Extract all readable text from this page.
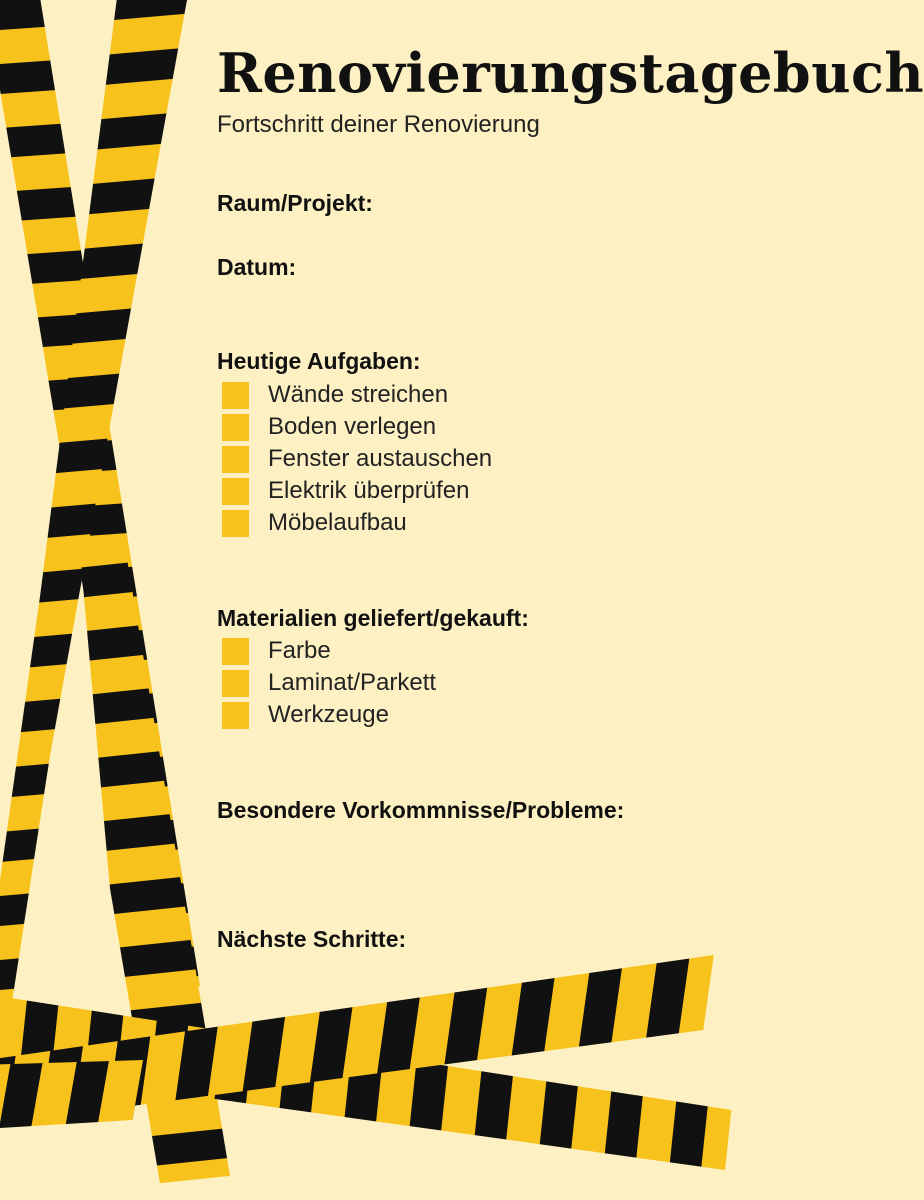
Renovierungstagebuch
Fortschritt deiner Renovierung
Raum/Projekt:
Datum:
Heutige Aufgaben:
Wände streichen
Boden verlegen
Fenster austauschen
Elektrik überprüfen
Möbelaufbau
Materialien geliefert/gekauft:
Farbe
Laminat/Parkett
Werkzeuge
Besondere Vorkommnisse/Probleme:
Nächste Schritte:
